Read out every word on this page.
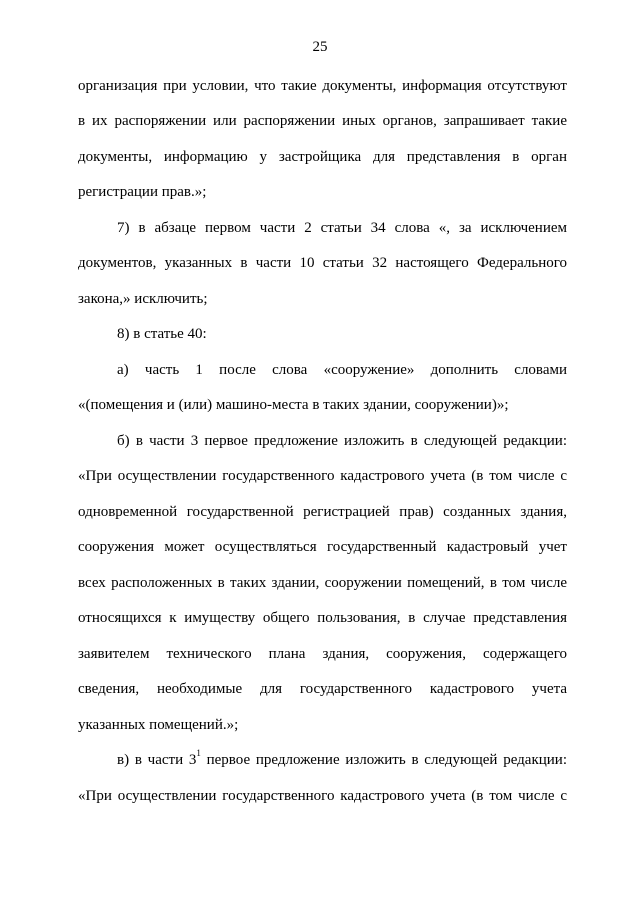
25
организация при условии, что такие документы, информация отсутствуют
в их распоряжении или распоряжении иных органов, запрашивает такие
документы, информацию у застройщика для представления в орган
регистрации прав.»;
7) в абзаце первом части 2 статьи 34 слова «, за исключением
документов, указанных в части 10 статьи 32 настоящего Федерального
закона,» исключить;
8) в статье 40:
а) часть 1 после слова «сооружение» дополнить словами
«(помещения и (или) машино-места в таких здании, сооружении)»;
б) в части 3 первое предложение изложить в следующей редакции:
«При осуществлении государственного кадастрового учета (в том числе с
одновременной государственной регистрацией прав) созданных здания,
сооружения может осуществляться государственный кадастровый учет
всех расположенных в таких здании, сооружении помещений, в том числе
относящихся к имуществу общего пользования, в случае представления
заявителем технического плана здания, сооружения, содержащего
сведения, необходимые для государственного кадастрового учета
указанных помещений.»;
в) в части $3^1$ первое предложение изложить в следующей редакции:
«При осуществлении государственного кадастрового учета (в том числе с
